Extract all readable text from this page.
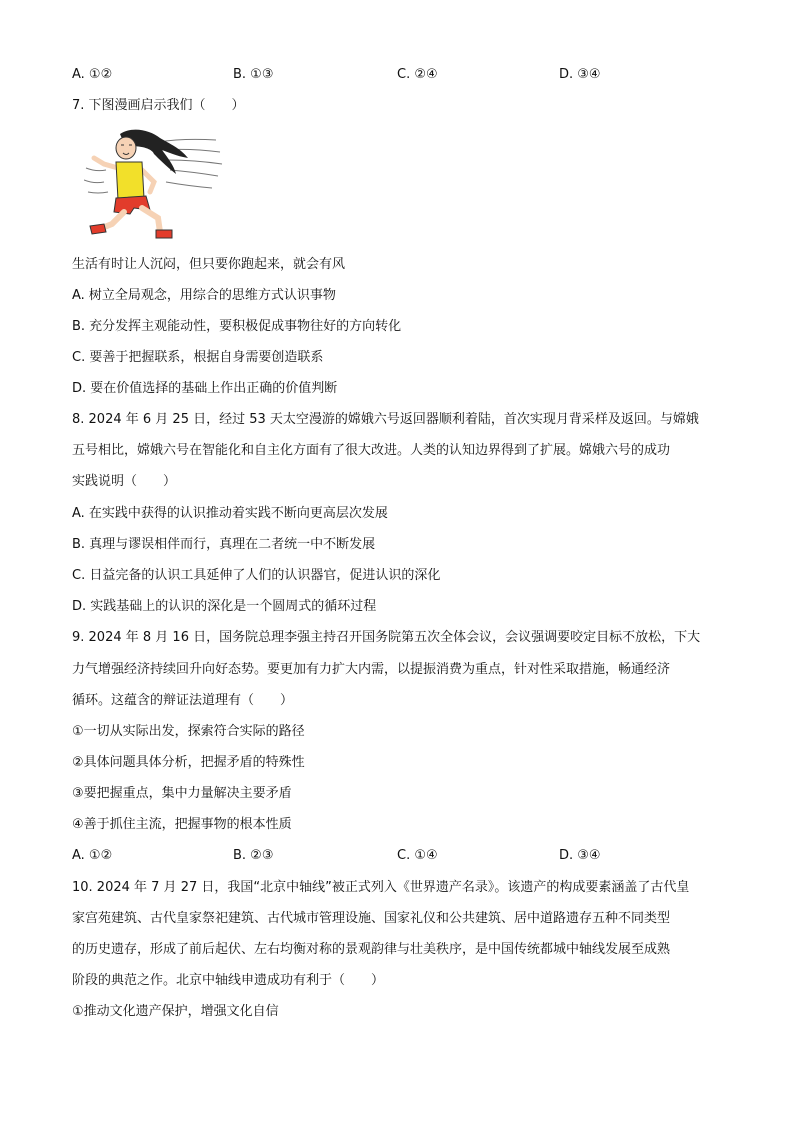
A. ①②	B. ①③	C. ②④	D. ③④
7. 下图漫画启示我们（　　）
生活有时让人沉闷，但只要你跑起来，就会有风
A. 树立全局观念，用综合的思维方式认识事物
B. 充分发挥主观能动性，要积极促成事物往好的方向转化
C. 要善于把握联系，根据自身需要创造联系
D. 要在价值选择的基础上作出正确的价值判断
8. 2024 年 6 月 25 日，经过 53 天太空漫游的嫦娥六号返回器顺利着陆，首次实现月背采样及返回。与嫦娥
五号相比，嫦娥六号在智能化和自主化方面有了很大改进。人类的认知边界得到了扩展。嫦娥六号的成功
实践说明（　　）
A. 在实践中获得的认识推动着实践不断向更高层次发展
B. 真理与谬误相伴而行，真理在二者统一中不断发展
C. 日益完备的认识工具延伸了人们的认识器官，促进认识的深化
D. 实践基础上的认识的深化是一个圆周式的循环过程
9. 2024 年 8 月 16 日，国务院总理李强主持召开国务院第五次全体会议，会议强调要咬定目标不放松，下大
力气增强经济持续回升向好态势。要更加有力扩大内需，以提振消费为重点，针对性采取措施，畅通经济
循环。这蕴含的辩证法道理有（　　）
①一切从实际出发，探索符合实际的路径
②具体问题具体分析，把握矛盾的特殊性
③要把握重点，集中力量解决主要矛盾
④善于抓住主流，把握事物的根本性质
A. ①②	B. ②③	C. ①④	D. ③④
10. 2024 年 7 月 27 日，我国“北京中轴线”被正式列入《世界遗产名录》。该遗产的构成要素涵盖了古代皇
家宫苑建筑、古代皇家祭祀建筑、古代城市管理设施、国家礼仪和公共建筑、居中道路遗存五种不同类型
的历史遗存，形成了前后起伏、左右均衡对称的景观韵律与壮美秩序，是中国传统都城中轴线发展至成熟
阶段的典范之作。北京中轴线申遗成功有利于（　　）
①推动文化遗产保护，增强文化自信
